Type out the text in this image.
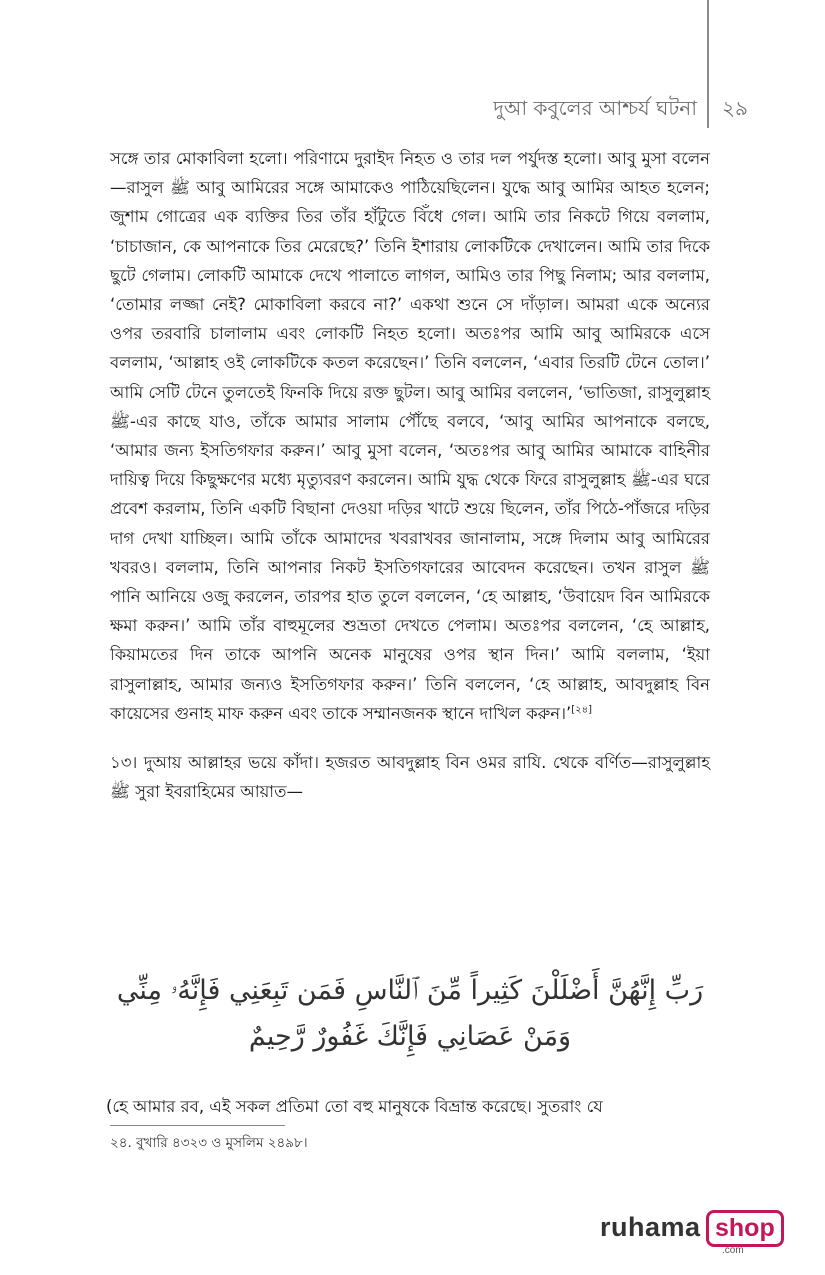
দুআ কবুলের আশ্চর্য ঘটনা ২৯

সঙ্গে তার মোকাবিলা হলো। পরিণামে দুরাইদ নিহত ও তার দল পর্যুদস্ত হলো। আবু মুসা বলেন—রাসুল ﷺ আবু আমিরের সঙ্গে আমাকেও পাঠিয়েছিলেন। যুদ্ধে আবু আমির আহত হলেন; জুশাম গোত্রের এক ব্যক্তির তির তাঁর হাঁটুতে বিঁধে গেল। আমি তার নিকটে গিয়ে বললাম, ‘চাচাজান, কে আপনাকে তির মেরেছে?’ তিনি ইশারায় লোকটিকে দেখালেন। আমি তার দিকে ছুটে গেলাম। লোকটি আমাকে দেখে পালাতে লাগল, আমিও তার পিছু নিলাম; আর বললাম, ‘তোমার লজ্জা নেই? মোকাবিলা করবে না?’ একথা শুনে সে দাঁড়াল। আমরা একে অন্যের ওপর তরবারি চালালাম এবং লোকটি নিহত হলো। অতঃপর আমি আবু আমিরকে এসে বললাম, ‘আল্লাহ ওই লোকটিকে কতল করেছেন।’ তিনি বললেন, ‘এবার তিরটি টেনে তোল।’ আমি সেটি টেনে তুলতেই ফিনকি দিয়ে রক্ত ছুটল। আবু আমির বললেন, ‘ভাতিজা, রাসুলুল্লাহ ﷺ-এর কাছে যাও, তাঁকে আমার সালাম পৌঁছে বলবে, ‘আবু আমির আপনাকে বলছে, ‘আমার জন্য ইসতিগফার করুন।’ আবু মুসা বলেন, ‘অতঃপর আবু আমির আমাকে বাহিনীর দায়িত্ব দিয়ে কিছুক্ষণের মধ্যে মৃত্যুবরণ করলেন। আমি যুদ্ধ থেকে ফিরে রাসুলুল্লাহ ﷺ-এর ঘরে প্রবেশ করলাম, তিনি একটি বিছানা দেওয়া দড়ির খাটে শুয়ে ছিলেন, তাঁর পিঠে-পাঁজরে দড়ির দাগ দেখা যাচ্ছিল। আমি তাঁকে আমাদের খবরাখবর জানালাম, সঙ্গে দিলাম আবু আমিরের খবরও। বললাম, তিনি আপনার নিকট ইসতিগফারের আবেদন করেছেন। তখন রাসুল ﷺ পানি আনিয়ে ওজু করলেন, তারপর হাত তুলে বললেন, ‘হে আল্লাহ, ‘উবায়েদ বিন আমিরকে ক্ষমা করুন।’ আমি তাঁর বাহুমূলের শুভ্রতা দেখতে পেলাম। অতঃপর বললেন, ‘হে আল্লাহ, কিয়ামতের দিন তাকে আপনি অনেক মানুষের ওপর স্থান দিন।’ আমি বললাম, ‘ইয়া রাসুলাল্লাহ, আমার জন্যও ইসতিগফার করুন।’ তিনি বললেন, ‘হে আল্লাহ, আবদুল্লাহ বিন কায়েসের গুনাহ মাফ করুন এবং তাকে সম্মানজনক স্থানে দাখিল করুন।’[২৪]

১৩। দুআয় আল্লাহর ভয়ে কাঁদা। হজরত আবদুল্লাহ বিন ওমর রাযি. থেকে বর্ণিত—রাসুলুল্লাহ ﷺ সুরা ইবরাহিমের আয়াত—

رَبِّ إِنَّهُنَّ أَضْلَلْنَ كَثِيراً مِّنَ ٱلنَّاسِ فَمَن تَبِعَنِي فَإِنَّهُۥ مِنِّي
وَمَنْ عَصَانِي فَإِنَّكَ غَفُورٌ رَّحِيمٌ
(হে আমার রব, এই সকল প্রতিমা তো বহু মানুষকে বিভ্রান্ত করেছে। সুতরাং যে
২৪. বুখারি ৪৩২৩ ও মুসলিম ২৪৯৮।
ruhama shop
.com
